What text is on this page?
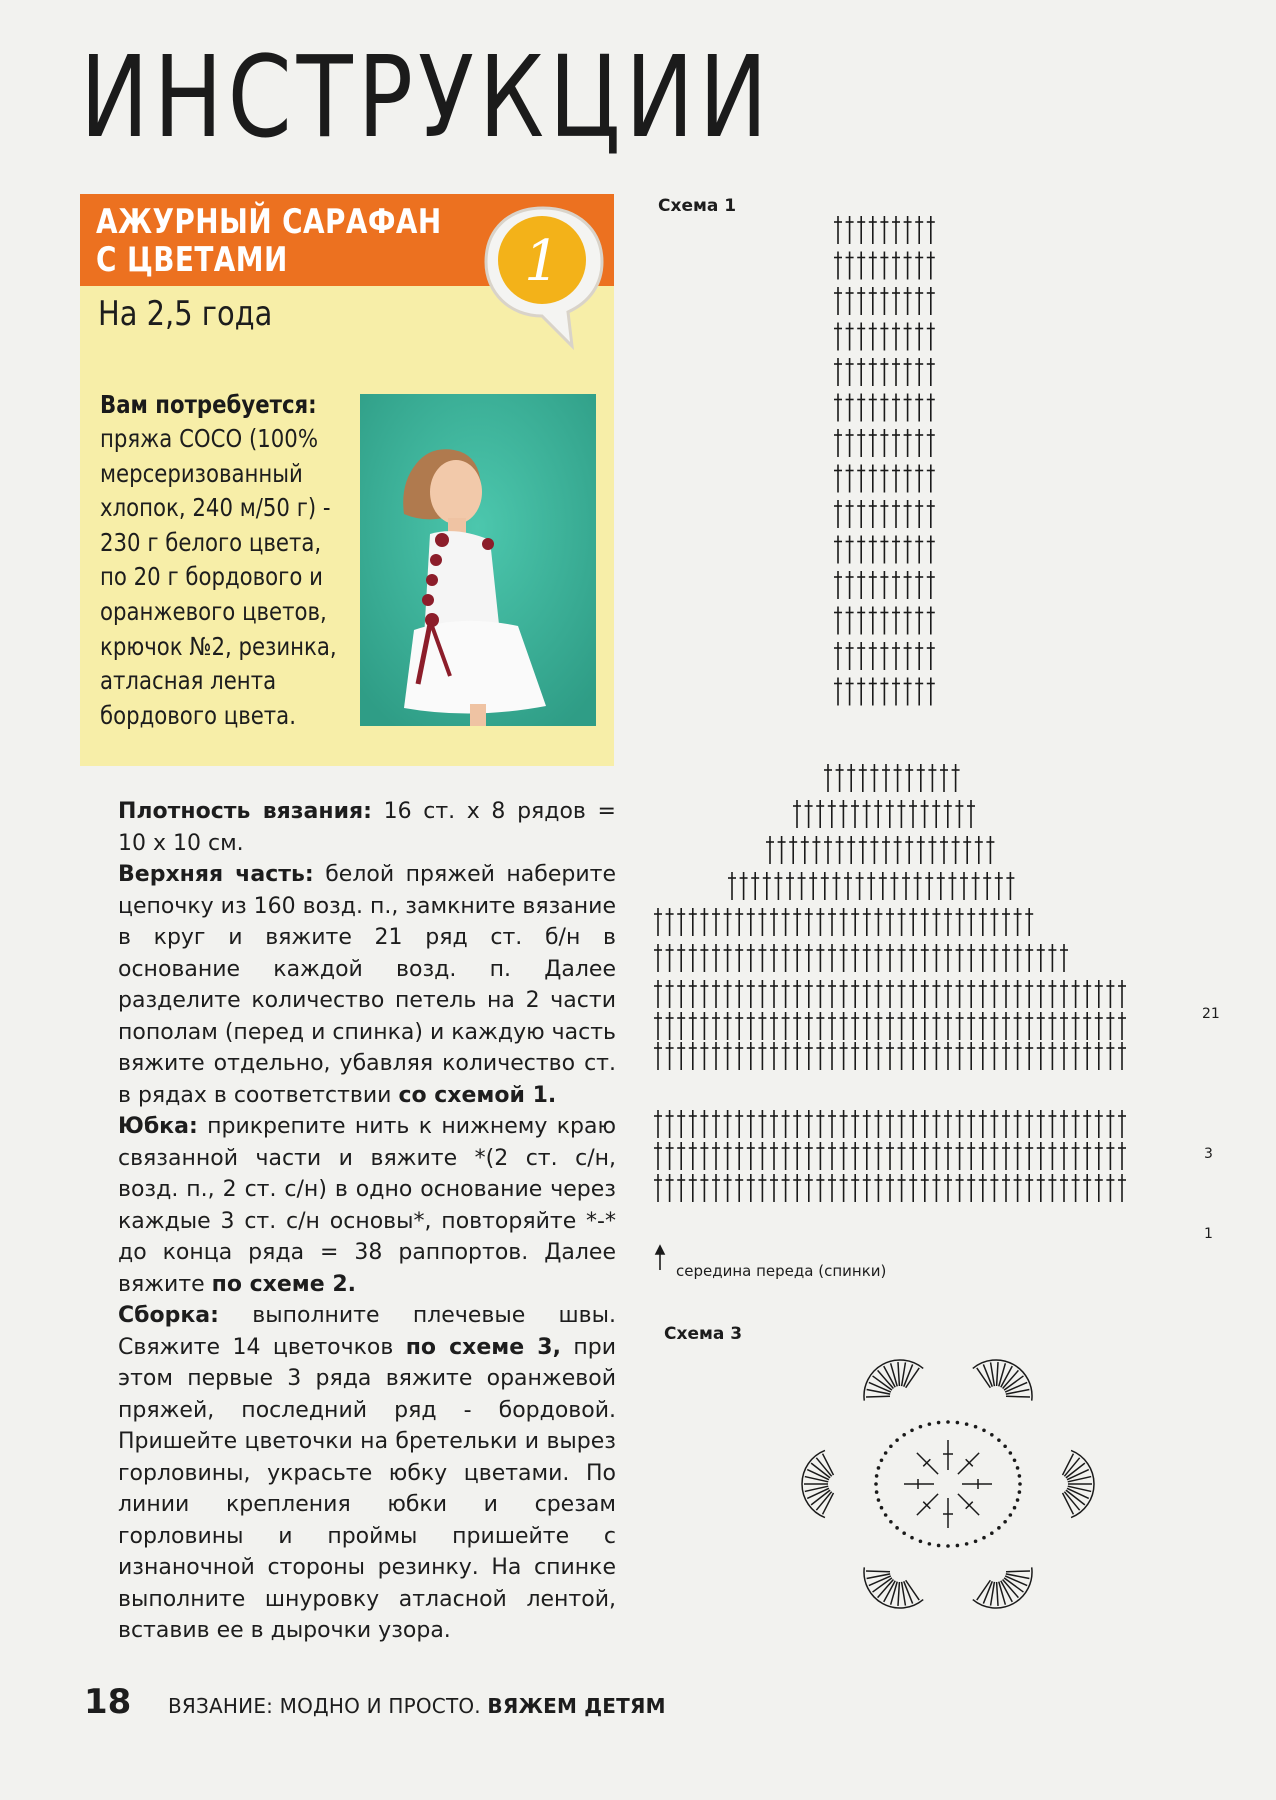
ИНСТРУКЦИИ
АЖУРНЫЙ САРАФАН
С ЦВЕТАМИ	1
На 2,5 года
Вам потребуется:
пряжа COCO (100%
мерсеризованный
хлопок, 240 м/50 г) -
230 г белого цвета,
по 20 г бордового и
оранжевого цветов,
крючок №2, резинка,
атласная лента
бордового цвета.

Плотность вязания: 16 ст. х 8 рядов = 10 х 10 см.

Верхняя часть: белой пряжей наберите цепочку из 160 возд. п., замкните вязание в круг и вяжите 21 ряд ст. б/н в основание каждой возд. п. Далее разделите количество петель на 2 части пополам (перед и спинка) и каждую часть вяжите отдельно, убавляя количество ст. в рядах в соответствии со схемой 1.

Юбка: прикрепите нить к нижнему краю связанной части и вяжите *(2 ст. с/н, возд. п., 2 ст. с/н) в одно основание через каждые 3 ст. с/н основы*, повторяйте *-* до конца ряда = 38 раппортов. Далее вяжите по схеме 2.

Сборка: выполните плечевые швы. Свяжите 14 цветочков по схеме 3, при этом первые 3 ряда вяжите оранжевой пряжей, последний ряд - бордовой. Пришейте цветочки на бретельки и вырез горловины, украсьте юбку цветами. По линии крепления юбки и срезам горловины и проймы пришейте с изнаночной стороны резинку. На спинке выполните шнуровку атласной лентой, вставив ее в дырочки узора.

Схема 1
21
3
1
середина переда (спинки)
Схема 3
18 ВЯЗАНИЕ: МОДНО И ПРОСТО. ВЯЖЕМ ДЕТЯМ
